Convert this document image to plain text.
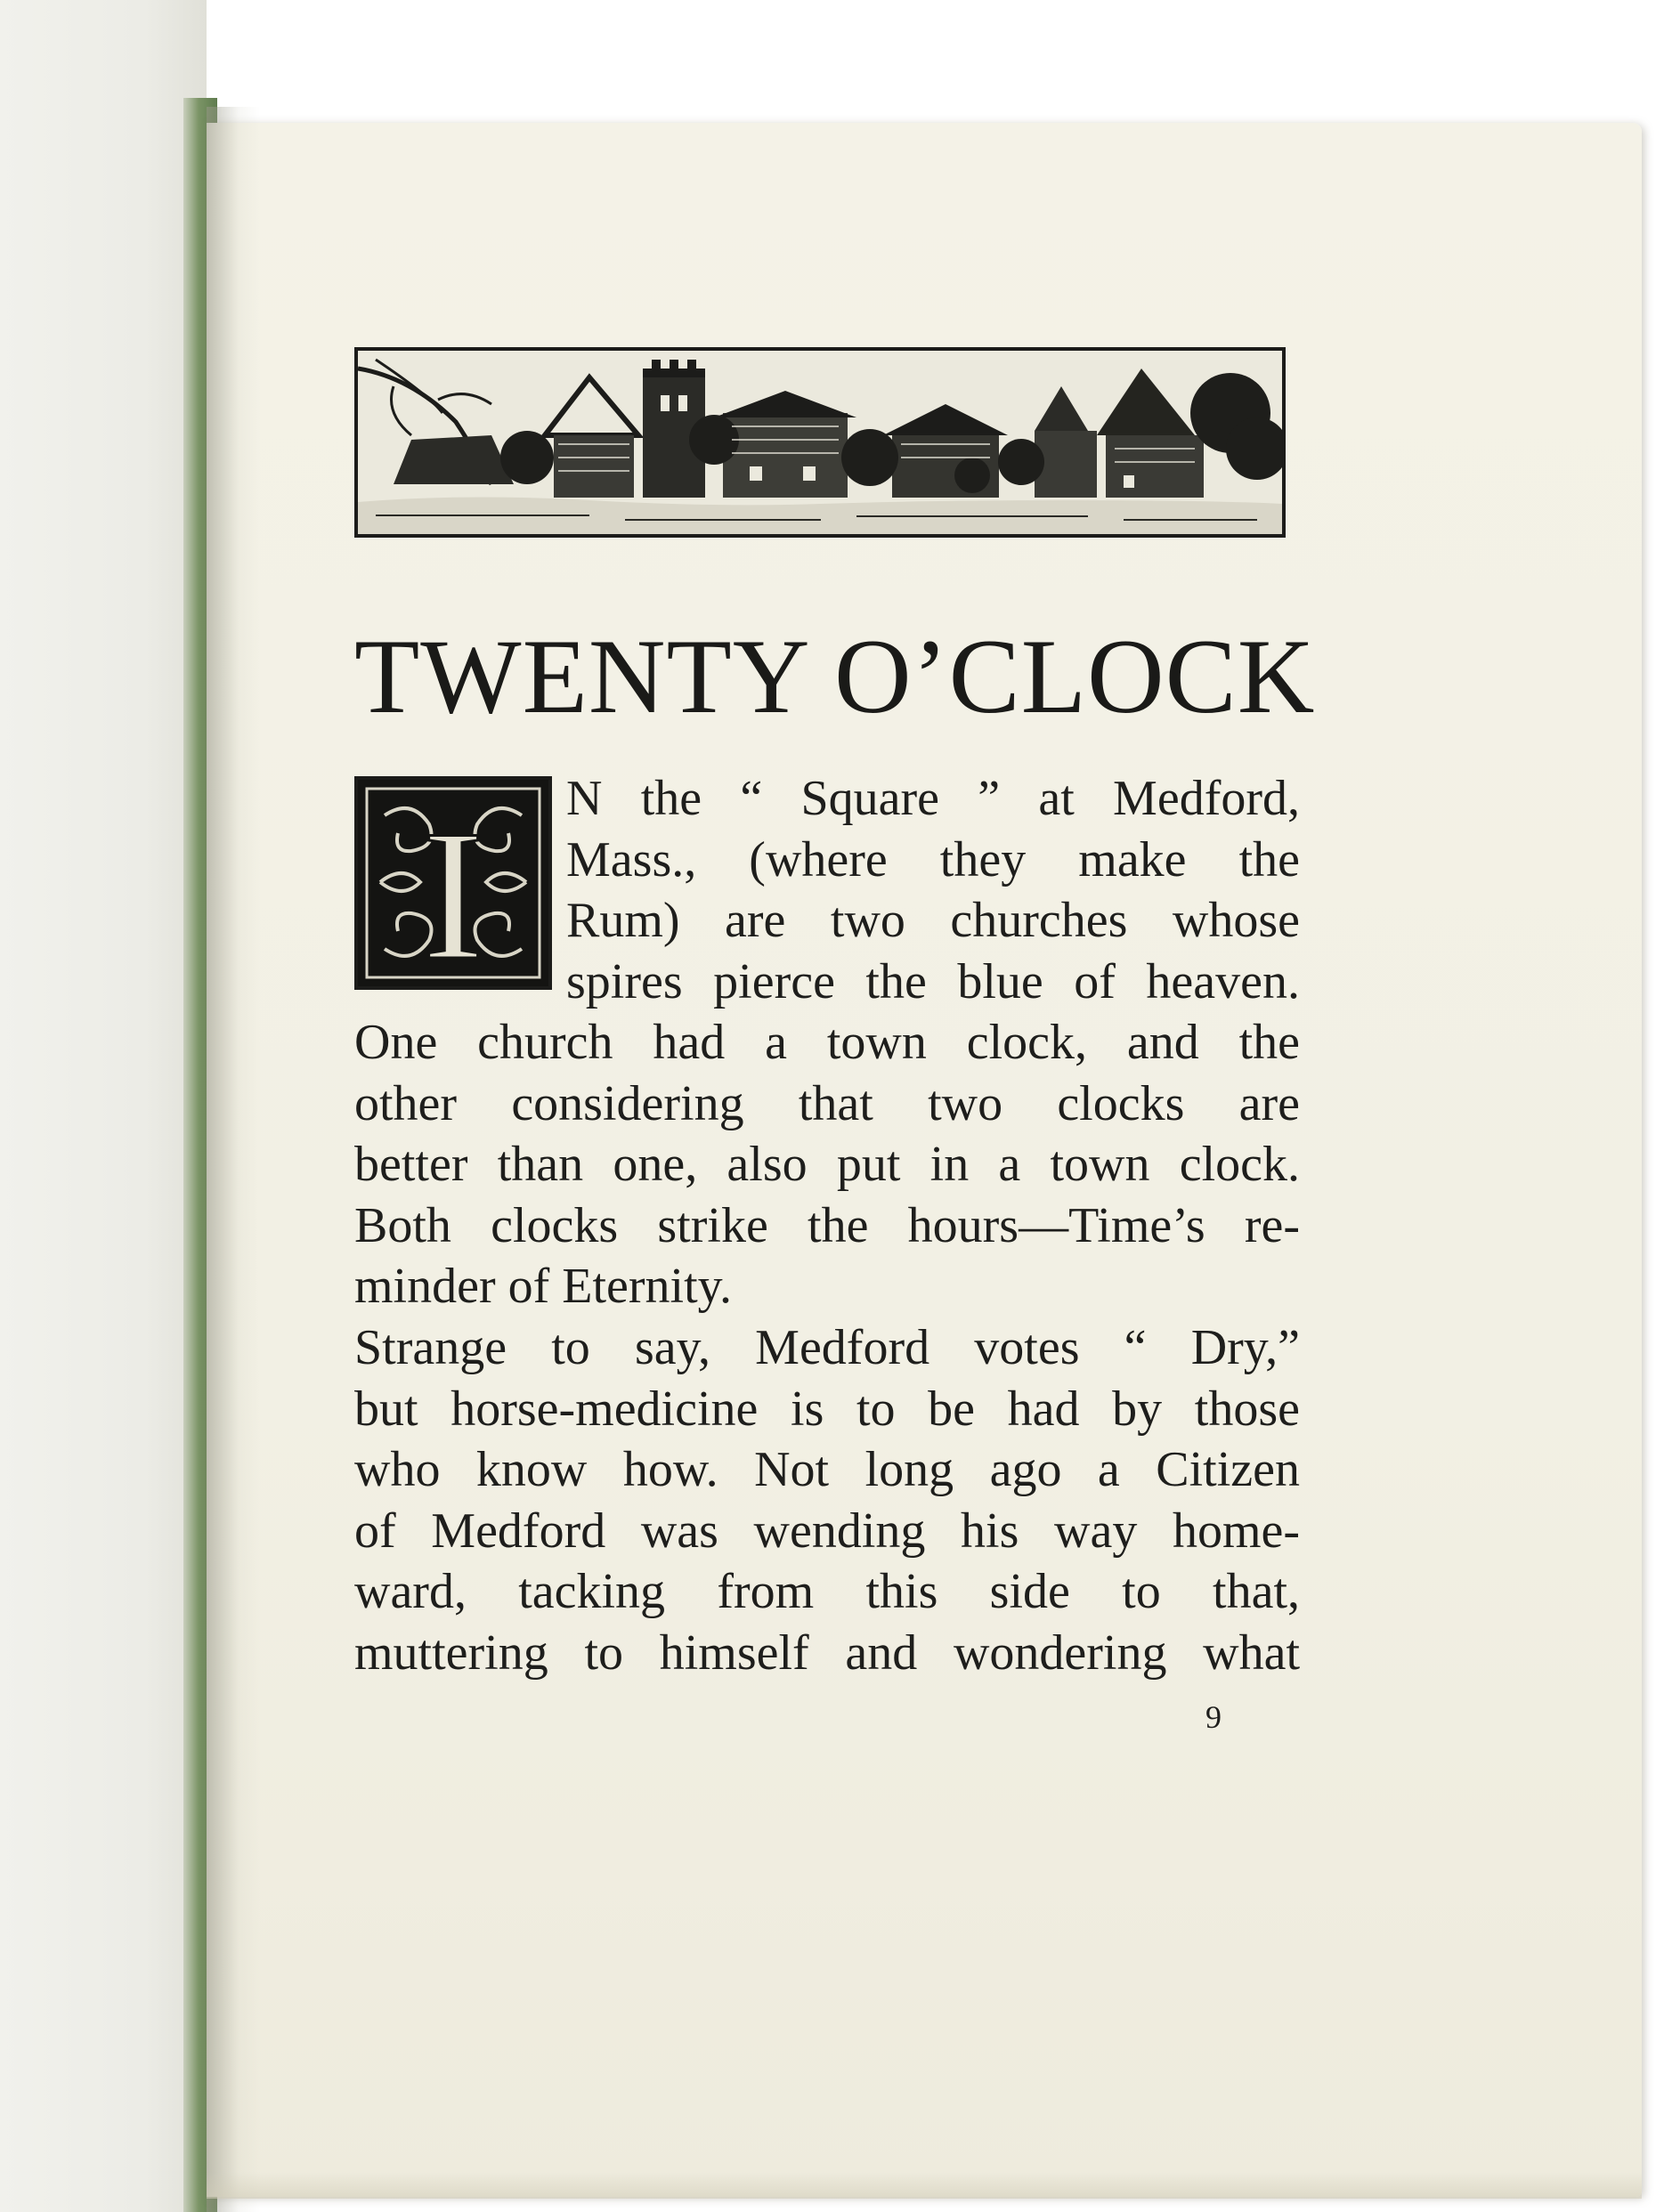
TWENTY O’CLOCK
I N the “ Square ” at Medford,
Mass., (where they make the
Rum) are two churches whose
spires pierce the blue of heaven.
One church had a town clock, and the
other considering that two clocks are
better than one, also put in a town clock.
Both clocks strike the hours—Time’s re-
minder of Eternity.
Strange to say, Medford votes “ Dry,”
but horse-medicine is to be had by those
who know how. Not long ago a Citizen
of Medford was wending his way home-
ward, tacking from this side to that,
muttering to himself and wondering what
9
